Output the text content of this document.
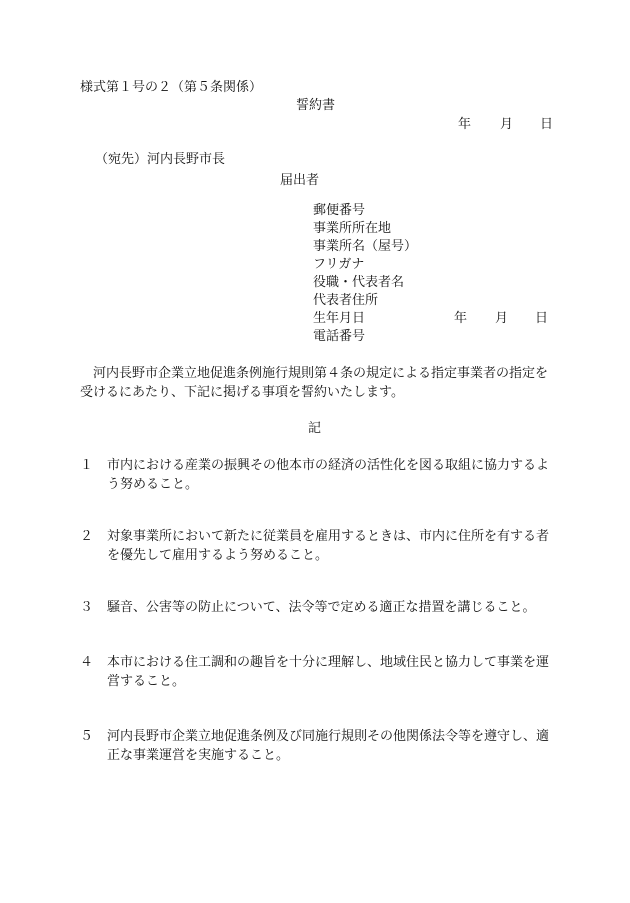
様式第１号の２（第５条関係）
誓約書
年 月 日
（宛先）河内長野市長
届出者
郵便番号
事業所所在地
事業所名（屋号）
フリガナ
役職・代表者名
代表者住所
生年月日	年 月 日
電話番号
　河内長野市企業立地促進条例施行規則第４条の規定による指定事業者の指定を受けるにあたり、下記に掲げる事項を誓約いたします。
記
１ 市内における産業の振興その他本市の経済の活性化を図る取組に協力するよう努めること。
２ 対象事業所において新たに従業員を雇用するときは、市内に住所を有する者を優先して雇用するよう努めること。
３ 騒音、公害等の防止について、法令等で定める適正な措置を講じること。
４ 本市における住工調和の趣旨を十分に理解し、地域住民と協力して事業を運営すること。
５ 河内長野市企業立地促進条例及び同施行規則その他関係法令等を遵守し、適正な事業運営を実施すること。
